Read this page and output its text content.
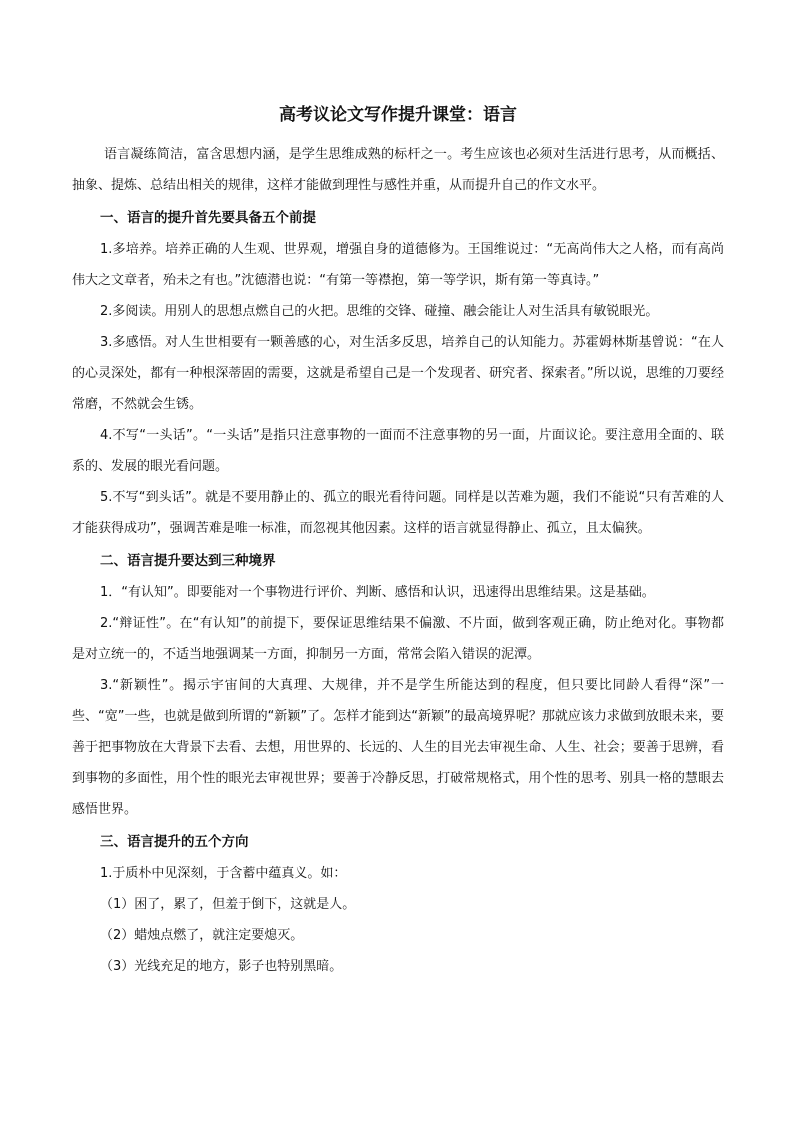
高考议论文写作提升课堂：语言

语言凝练简洁，富含思想内涵，是学生思维成熟的标杆之一。考生应该也必须对生活进行思考，从而概括、抽象、提炼、总结出相关的规律，这样才能做到理性与感性并重，从而提升自己的作文水平。

一、语言的提升首先要具备五个前提

1.多培养。培养正确的人生观、世界观，增强自身的道德修为。王国维说过：“无高尚伟大之人格，而有高尚伟大之文章者，殆未之有也。”沈德潜也说：“有第一等襟抱，第一等学识，斯有第一等真诗。”

2.多阅读。用别人的思想点燃自己的火把。思维的交锋、碰撞、融会能让人对生活具有敏锐眼光。

3.多感悟。对人生世相要有一颗善感的心，对生活多反思，培养自己的认知能力。苏霍姆林斯基曾说：“在人的心灵深处，都有一种根深蒂固的需要，这就是希望自己是一个发现者、研究者、探索者。”所以说，思维的刀要经常磨，不然就会生锈。

4.不写“一头话”。“一头话”是指只注意事物的一面而不注意事物的另一面，片面议论。要注意用全面的、联系的、发展的眼光看问题。

5.不写“到头话”。就是不要用静止的、孤立的眼光看待问题。同样是以苦难为题，我们不能说“只有苦难的人才能获得成功”，强调苦难是唯一标准，而忽视其他因素。这样的语言就显得静止、孤立，且太偏狭。

二、语言提升要达到三种境界

1．“有认知”。即要能对一个事物进行评价、判断、感悟和认识，迅速得出思维结果。这是基础。

2.“辩证性”。在“有认知”的前提下，要保证思维结果不偏激、不片面，做到客观正确，防止绝对化。事物都是对立统一的，不适当地强调某一方面，抑制另一方面，常常会陷入错误的泥潭。

3.“新颖性”。揭示宇宙间的大真理、大规律，并不是学生所能达到的程度，但只要比同龄人看得“深”一些、“宽”一些，也就是做到所谓的“新颖”了。怎样才能到达“新颖”的最高境界呢？那就应该力求做到放眼未来，要善于把事物放在大背景下去看、去想，用世界的、长远的、人生的目光去审视生命、人生、社会；要善于思辨，看到事物的多面性，用个性的眼光去审视世界；要善于冷静反思，打破常规格式，用个性的思考、别具一格的慧眼去感悟世界。

三、语言提升的五个方向

1.于质朴中见深刻，于含蓄中蕴真义。如：

（1）困了，累了，但羞于倒下，这就是人。

（2）蜡烛点燃了，就注定要熄灭。

（3）光线充足的地方，影子也特别黑暗。
